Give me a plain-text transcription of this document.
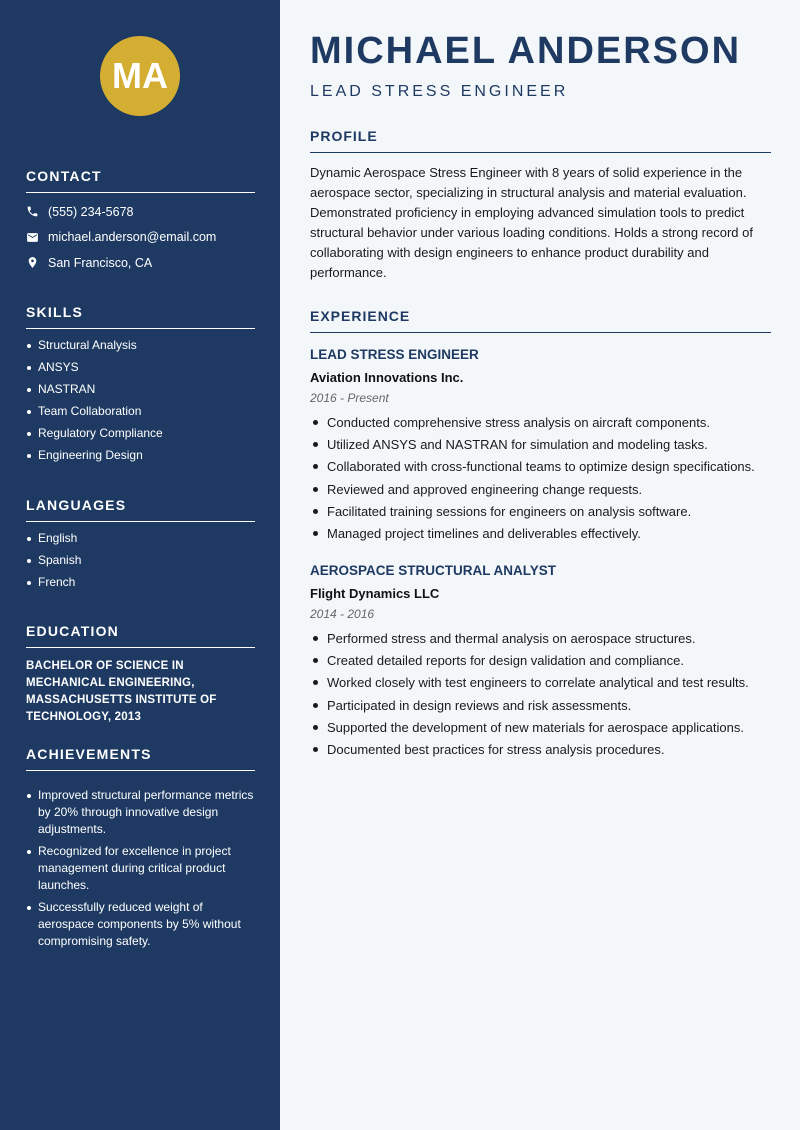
MA
CONTACT
(555) 234-5678
michael.anderson@email.com
San Francisco, CA
SKILLS
Structural Analysis
ANSYS
NASTRAN
Team Collaboration
Regulatory Compliance
Engineering Design
LANGUAGES
English
Spanish
French
EDUCATION
BACHELOR OF SCIENCE IN MECHANICAL ENGINEERING, MASSACHUSETTS INSTITUTE OF TECHNOLOGY, 2013
ACHIEVEMENTS
Improved structural performance metrics by 20% through innovative design adjustments.
Recognized for excellence in project management during critical product launches.
Successfully reduced weight of aerospace components by 5% without compromising safety.
MICHAEL ANDERSON
LEAD STRESS ENGINEER
PROFILE
Dynamic Aerospace Stress Engineer with 8 years of solid experience in the aerospace sector, specializing in structural analysis and material evaluation. Demonstrated proficiency in employing advanced simulation tools to predict structural behavior under various loading conditions. Holds a strong record of collaborating with design engineers to enhance product durability and performance.
EXPERIENCE
LEAD STRESS ENGINEER
Aviation Innovations Inc.
2016 - Present
Conducted comprehensive stress analysis on aircraft components.
Utilized ANSYS and NASTRAN for simulation and modeling tasks.
Collaborated with cross-functional teams to optimize design specifications.
Reviewed and approved engineering change requests.
Facilitated training sessions for engineers on analysis software.
Managed project timelines and deliverables effectively.
AEROSPACE STRUCTURAL ANALYST
Flight Dynamics LLC
2014 - 2016
Performed stress and thermal analysis on aerospace structures.
Created detailed reports for design validation and compliance.
Worked closely with test engineers to correlate analytical and test results.
Participated in design reviews and risk assessments.
Supported the development of new materials for aerospace applications.
Documented best practices for stress analysis procedures.
